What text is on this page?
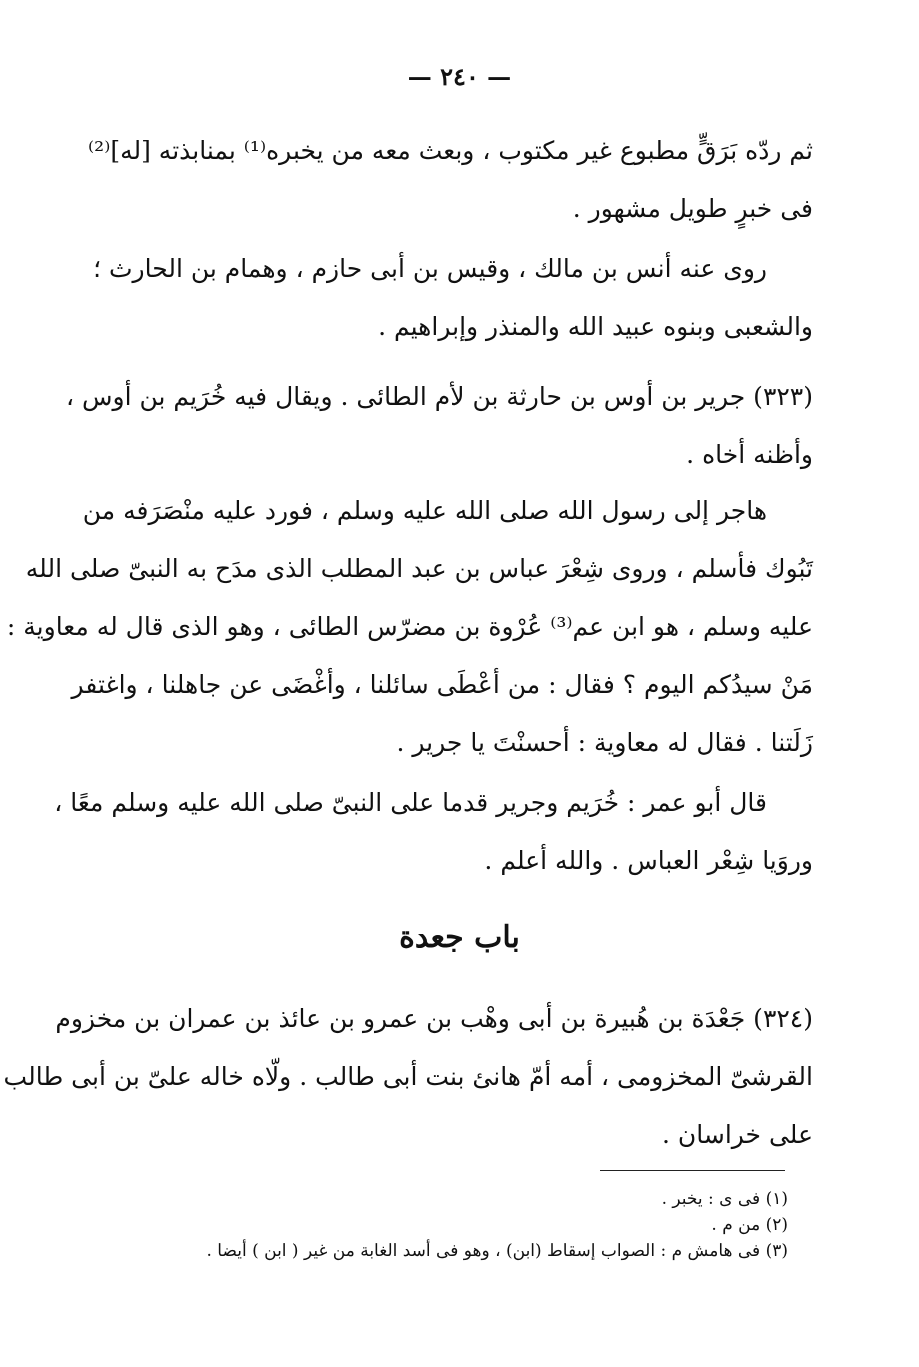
— ٢٤٠ —
ثم ردّه بَرَقٍّ مطبوع غير مكتوب ، وبعث معه من يخبره⁽¹⁾ بمنابذته [له]⁽²⁾
فى خبرٍ طويل مشهور .
روى عنه أنس بن مالك ، وقيس بن أبى حازم ، وهمام بن الحارث ؛
والشعبى وبنوه عبيد الله والمنذر وإبراهيم .
(٣٢٣) جرير بن أوس بن حارثة بن لأم الطائى . ويقال فيه خُرَيم بن أوس ،
وأظنه أخاه .
هاجر إلى رسول الله صلى الله عليه وسلم ، فورد عليه منْصَرَفه من
تَبُوك فأسلم ، وروى شِعْرَ عباس بن عبد المطلب الذى مدَح به النبىّ صلى الله
عليه وسلم ، هو ابن عم⁽³⁾ عُرْوة بن مضرّس الطائى ، وهو الذى قال له معاوية :
مَنْ سيدُكم اليوم ؟ فقال : من أعْطَى سائلنا ، وأغْضَى عن جاهلنا ، واغتفر
زَلَتنا . فقال له معاوية : أحسنْتَ يا جرير .
قال أبو عمر : خُرَيم وجرير قدما على النبىّ صلى الله عليه وسلم معًا ،
وروَيا شِعْر العباس . والله أعلم .
باب جعدة
(٣٢٤) جَعْدَة بن هُبيرة بن أبى وهْب بن عمرو بن عائذ بن عمران بن مخزوم
القرشىّ المخزومى ، أمه أمّ هانئ بنت أبى طالب . ولّاه خاله علىّ بن أبى طالب
على خراسان .
(١) فى ى : يخبر .
(٢) من م .
(٣) فى هامش م : الصواب إسقاط (ابن) ، وهو فى أسد الغابة من غير ( ابن ) أيضا .
